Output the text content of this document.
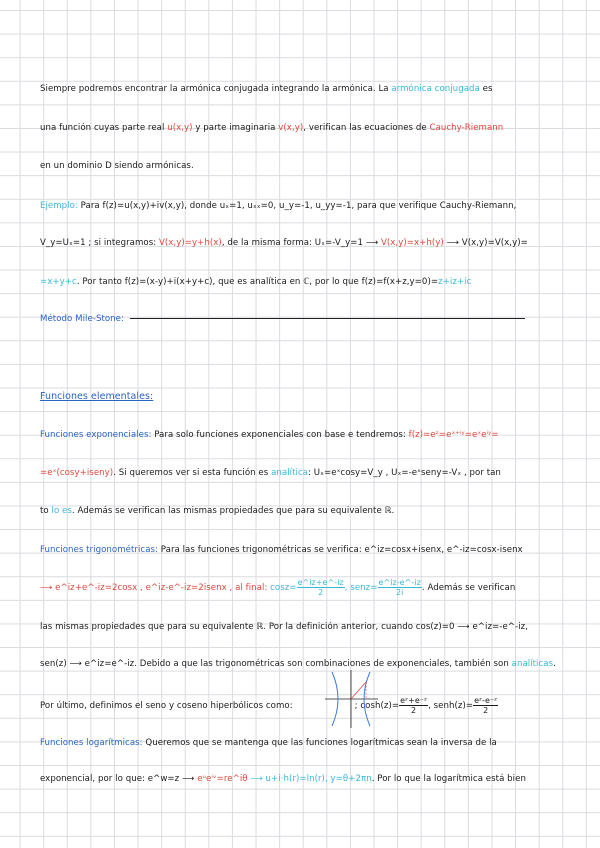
Siempre podremos encontrar la armónica conjugada integrando la armónica. La armónica conjugada es
una función cuyas parte real u(x,y) y parte imaginaria v(x,y), verifican las ecuaciones de Cauchy-Riemann
en un dominio D siendo armónicas.
Ejemplo: Para f(z)=u(x,y)+iv(x,y), donde uₓ=1, uₓₓ=0, u_y=-1, u_yy=-1, para que verifique Cauchy-Riemann,
V_y=Uₓ=1 ; si integramos: V(x,y)=y+h(x), de la misma forma: Uₓ=-V_y=1 ⟶ V(x,y)=x+h(y) ⟶ V(x,y)=V(x,y)=
=x+y+c. Por tanto f(z)=(x-y)+i(x+y+c), que es analítica en ℂ, por lo que f(z)=f(x+z,y=0)=z+iz+ic
Método Mile-Stone:
Funciones elementales:
Funciones exponenciales: Para solo funciones exponenciales con base e tendremos: f(z)=eᶻ=eˣ⁺ⁱʸ=eˣeⁱʸ=
=eˣ(cosy+iseny). Si queremos ver si esta función es analítica: Uₓ=eˣcosy=V_y , Uₓ=-eˣseny=-Vₓ , por tan
to lo es. Además se verifican las mismas propiedades que para su equivalente ℝ.
Funciones trigonométricas: Para las funciones trigonométricas se verifica: e^iz=cosx+isenx, e^-iz=cosx-isenx
⟶ e^iz+e^-iz=2cosx , e^iz-e^-iz=2isenx , al final: $\cos z= \frac{e\^{}iz+e\^{}-iz}{2}$ , senz= $\frac{e\^{}iz-e\^{}-iz}{2i}$ . Además se verifican
las mismas propiedades que para su equivalente ℝ. Por la definición anterior, cuando cos(z)=0 ⟶ e^iz=-e^-iz,
sen(z) ⟶ e^iz=e^-iz. Debido a que las trigonométricas son combinaciones de exponenciales, también son analíticas.
Por último, definimos el seno y coseno hiperbólicos como:	; $\cosh(z)= \frac{\text{eᶻ+e⁻ᶻ}}{2}$ , senh(z)= $\frac{\text{eᶻ-e⁻ᶻ}}{2}$
Funciones logarítmicas: Queremos que se mantenga que las funciones logarítmicas sean la inversa de la
exponencial, por lo que: e^w=z ⟶ eᵘeⁱᵛ=re^iθ ⟶ u+i·h(r)=ln(r), y=θ+2πn. Por lo que la logarítmica está bien
